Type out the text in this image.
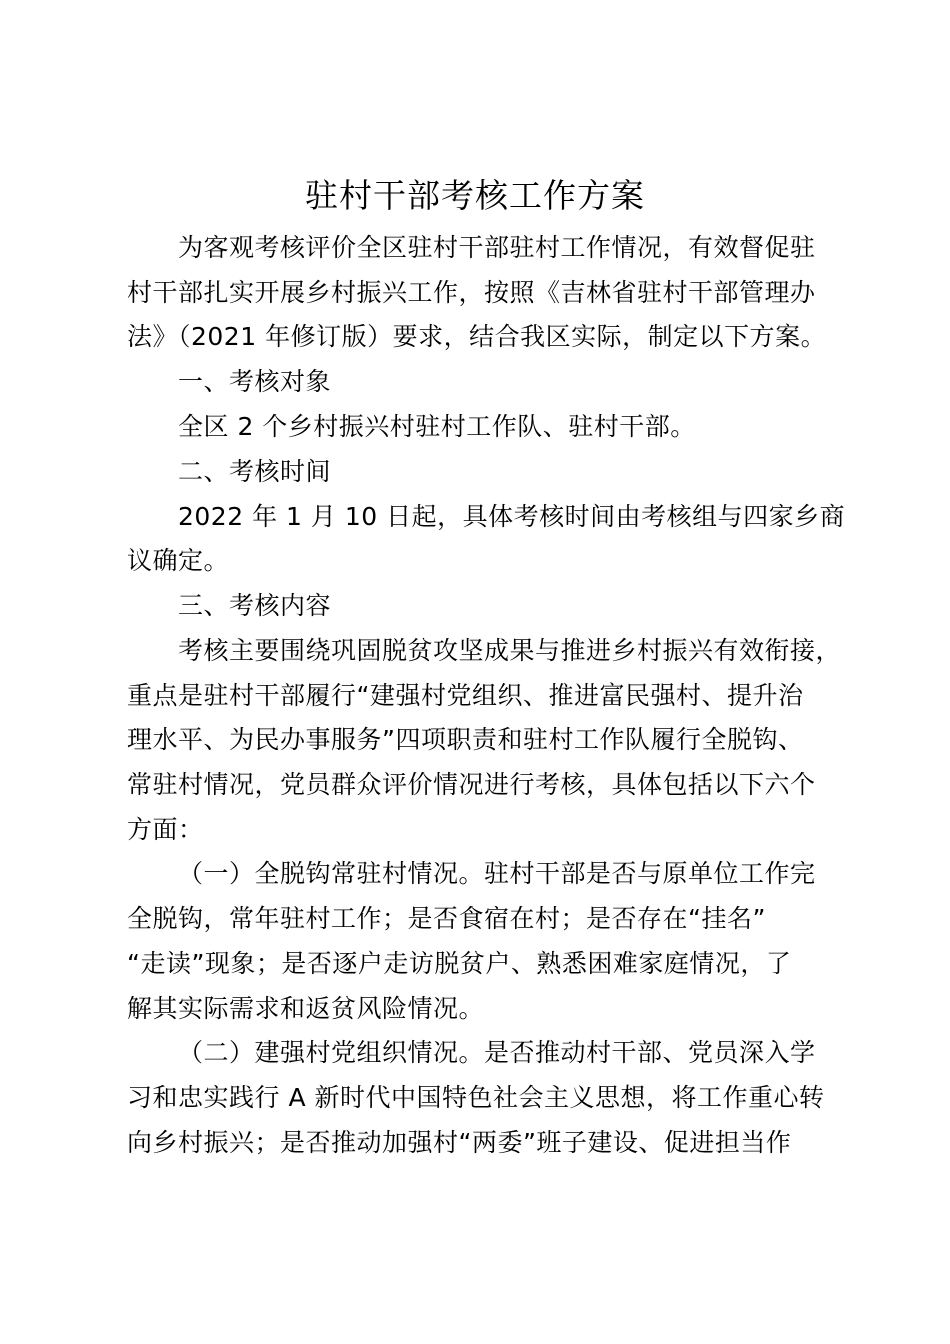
驻村干部考核工作方案
为客观考核评价全区驻村干部驻村工作情况，有效督促驻
村干部扎实开展乡村振兴工作，按照《吉林省驻村干部管理办
法》（2021 年修订版）要求，结合我区实际，制定以下方案。
一、考核对象
全区 2 个乡村振兴村驻村工作队、驻村干部。
二、考核时间
2022 年 1 月 10 日起，具体考核时间由考核组与四家乡商
议确定。
三、考核内容
考核主要围绕巩固脱贫攻坚成果与推进乡村振兴有效衔接，
重点是驻村干部履行“建强村党组织、推进富民强村、提升治
理水平、为民办事服务”四项职责和驻村工作队履行全脱钩、
常驻村情况，党员群众评价情况进行考核，具体包括以下六个
方面：
（一）全脱钩常驻村情况。驻村干部是否与原单位工作完
全脱钩，常年驻村工作；是否食宿在村；是否存在“挂名”
“走读”现象；是否逐户走访脱贫户、熟悉困难家庭情况，了
解其实际需求和返贫风险情况。
（二）建强村党组织情况。是否推动村干部、党员深入学
习和忠实践行 A 新时代中国特色社会主义思想，将工作重心转
向乡村振兴；是否推动加强村“两委”班子建设、促进担当作
